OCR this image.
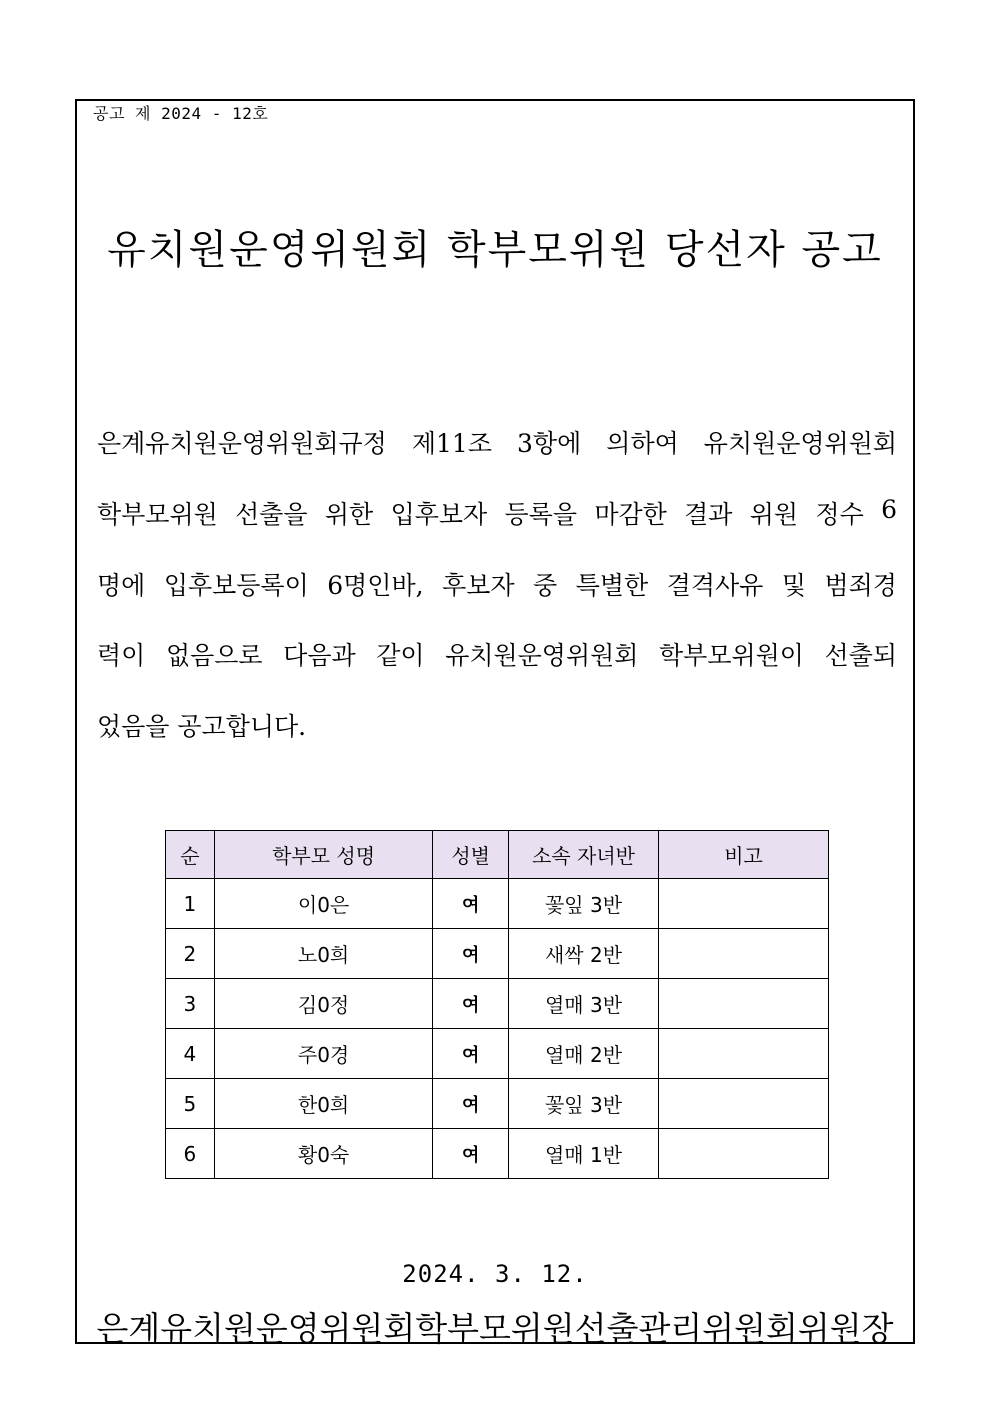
공고 제 2024 - 12호
유치원운영위원회 학부모위원 당선자 공고
은계유치원운영위원회규정 제11조 3항에 의하여 유치원운영위원회
학부모위원 선출을 위한 입후보자 등록을 마감한 결과 위원 정수 6
명에 입후보등록이 6명인바, 후보자 중 특별한 결격사유 및 범죄경
력이 없음으로 다음과 같이 유치원운영위원회 학부모위원이 선출되
었음을 공고합니다.
순	학부모 성명	성별	소속 자녀반	비고
1	이0은	여	꽃잎 3반	
2	노0희	여	새싹 2반	
3	김0정	여	열매 3반	
4	주0경	여	열매 2반	
5	한0희	여	꽃잎 3반	
6	황0숙	여	열매 1반	
2024. 3. 12.
은계유치원운영위원회학부모위원선출관리위원회위원장
